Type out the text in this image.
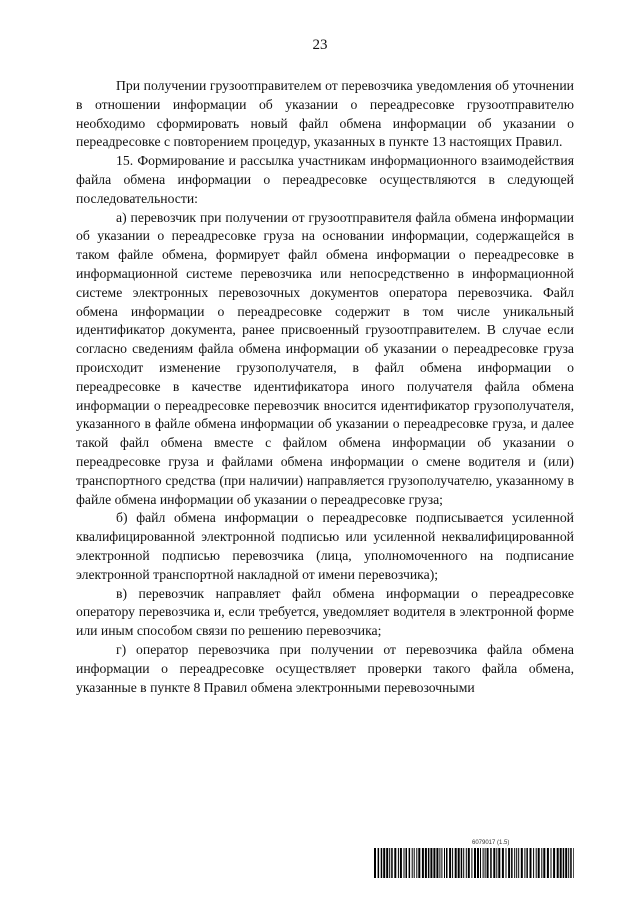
23

При получении грузоотправителем от перевозчика уведомления об уточнении в отношении информации об указании о переадресовке грузоотправителю необходимо сформировать новый файл обмена информации об указании о переадресовке с повторением процедур, указанных в пункте 13 настоящих Правил.

15. Формирование и рассылка участникам информационного взаимодействия файла обмена информации о переадресовке осуществляются в следующей последовательности:

а) перевозчик при получении от грузоотправителя файла обмена информации об указании о переадресовке груза на основании информации, содержащейся в таком файле обмена, формирует файл обмена информации о переадресовке в информационной системе перевозчика или непосредственно в информационной системе электронных перевозочных документов оператора перевозчика. Файл обмена информации о переадресовке содержит в том числе уникальный идентификатор документа, ранее присвоенный грузоотправителем. В случае если согласно сведениям файла обмена информации об указании о переадресовке груза происходит изменение грузополучателя, в файл обмена информации о переадресовке в качестве идентификатора иного получателя файла обмена информации о переадресовке перевозчик вносится идентификатор грузополучателя, указанного в файле обмена информации об указании о переадресовке груза, и далее такой файл обмена вместе с файлом обмена информации об указании о переадресовке груза и файлами обмена информации о смене водителя и (или) транспортного средства (при наличии) направляется грузополучателю, указанному в файле обмена информации об указании о переадресовке груза;

б) файл обмена информации о переадресовке подписывается усиленной квалифицированной электронной подписью или усиленной неквалифицированной электронной подписью перевозчика (лица, уполномоченного на подписание электронной транспортной накладной от имени перевозчика);

в) перевозчик направляет файл обмена информации о переадресовке оператору перевозчика и, если требуется, уведомляет водителя в электронной форме или иным способом связи по решению перевозчика;

г) оператор перевозчика при получении от перевозчика файла обмена информации о переадресовке осуществляет проверки такого файла обмена, указанные в пункте 8 Правил обмена электронными перевозочными

6079017 (1.5)
